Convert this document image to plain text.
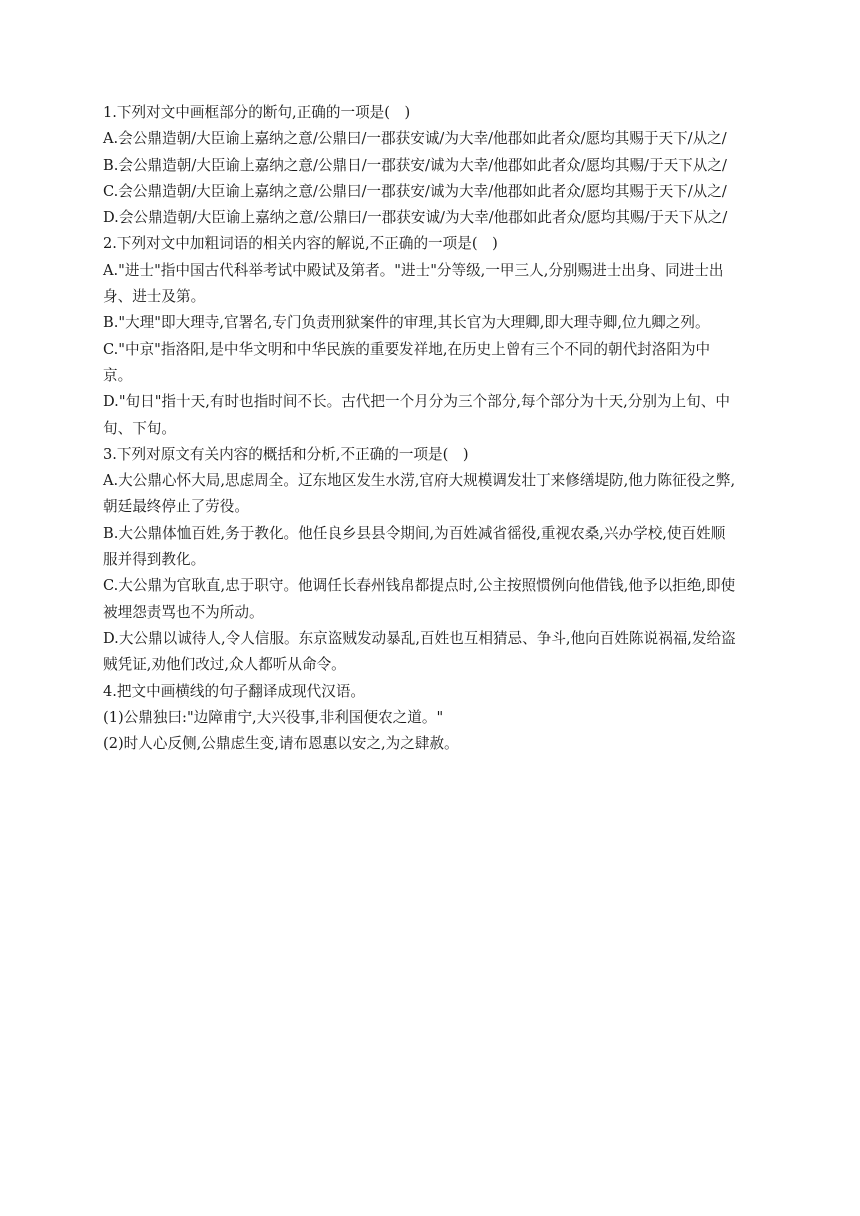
1.下列对文中画框部分的断句,正确的一项是(　)
A.会公鼎造朝/大臣谕上嘉纳之意/公鼎曰/一郡获安诚/为大幸/他郡如此者众/愿均其赐于天下/从之/
B.会公鼎造朝/大臣谕上嘉纳之意/公鼎日/一郡获安/诚为大幸/他郡如此者众/愿均其赐/于天下从之/
C.会公鼎造朝/大臣谕上嘉纳之意/公鼎曰/一郡获安/诚为大幸/他郡如此者众/愿均其赐于天下/从之/
D.会公鼎造朝/大臣谕上嘉纳之意/公鼎曰/一郡获安诚/为大幸/他郡如此者众/愿均其赐/于天下从之/
2.下列对文中加粗词语的相关内容的解说,不正确的一项是(　)
A."进士"指中国古代科举考试中殿试及第者。"进士"分等级,一甲三人,分别赐进士出身、同进士出
身、进士及第。
B."大理"即大理寺,官署名,专门负责刑狱案件的审理,其长官为大理卿,即大理寺卿,位九卿之列。
C."中京"指洛阳,是中华文明和中华民族的重要发祥地,在历史上曾有三个不同的朝代封洛阳为中
京。
D."旬日"指十天,有时也指时间不长。古代把一个月分为三个部分,每个部分为十天,分别为上旬、中
旬、下旬。
3.下列对原文有关内容的概括和分析,不正确的一项是(　)
A.大公鼎心怀大局,思虑周全。辽东地区发生水涝,官府大规模调发壮丁来修缮堤防,他力陈征役之弊,
朝廷最终停止了劳役。
B.大公鼎体恤百姓,务于教化。他任良乡县县令期间,为百姓减省徭役,重视农桑,兴办学校,使百姓顺
服并得到教化。
C.大公鼎为官耿直,忠于职守。他调任长春州钱帛都提点时,公主按照惯例向他借钱,他予以拒绝,即使
被埋怨责骂也不为所动。
D.大公鼎以诚待人,令人信服。东京盗贼发动暴乱,百姓也互相猜忌、争斗,他向百姓陈说祸福,发给盗
贼凭证,劝他们改过,众人都听从命令。
4.把文中画横线的句子翻译成现代汉语。
(1)公鼎独曰:"边障甫宁,大兴役事,非利国便农之道。"
(2)时人心反侧,公鼎虑生变,请布恩惠以安之,为之肆赦。
